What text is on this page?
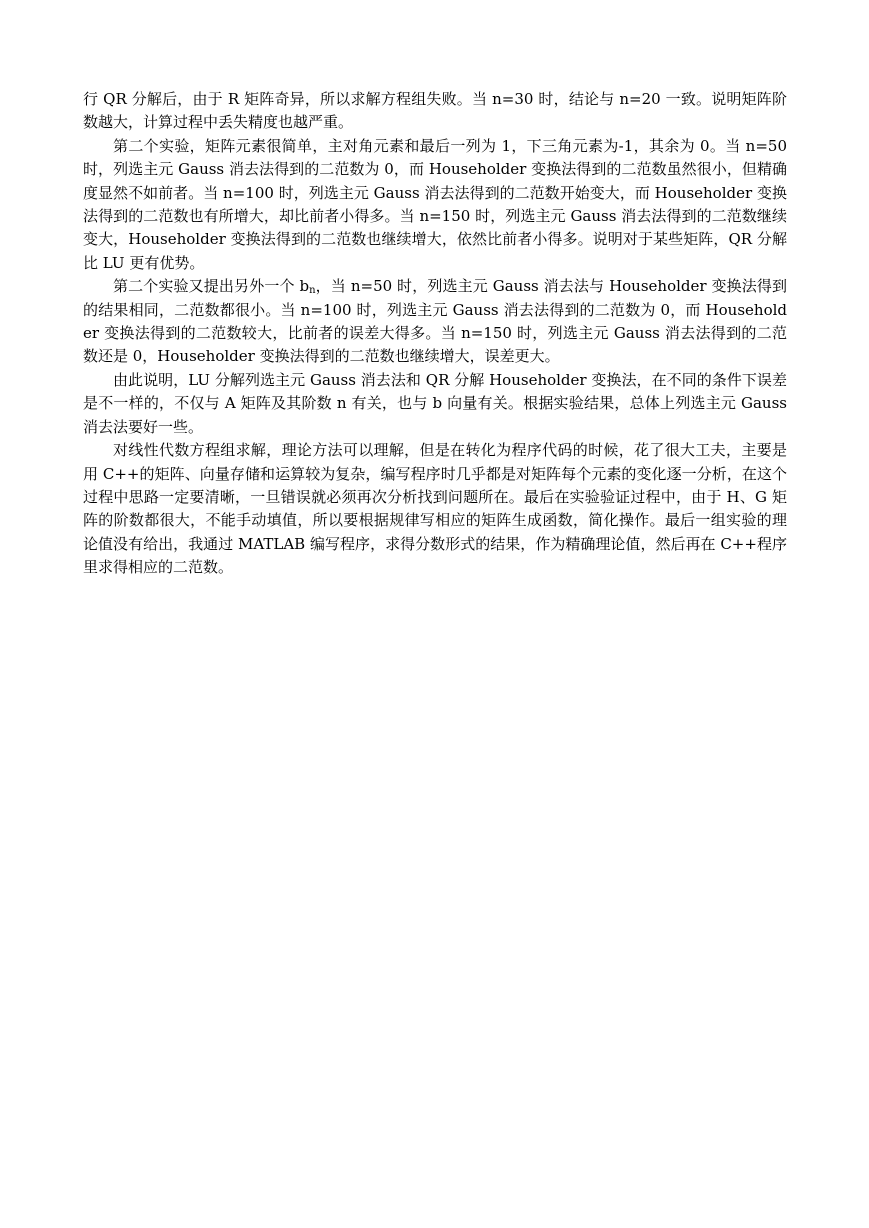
行 QR 分解后，由于 R 矩阵奇异，所以求解方程组失败。当 n=30 时，结论与 n=20 一致。说明矩阵阶数越大，计算过程中丢失精度也越严重。

第二个实验，矩阵元素很简单，主对角元素和最后一列为 1，下三角元素为-1，其余为 0。当 n=50 时，列选主元 Gauss 消去法得到的二范数为 0，而 Householder 变换法得到的二范数虽然很小，但精确度显然不如前者。当 n=100 时，列选主元 Gauss 消去法得到的二范数开始变大，而 Householder 变换法得到的二范数也有所增大，却比前者小得多。当 n=150 时，列选主元 Gauss 消去法得到的二范数继续变大，Householder 变换法得到的二范数也继续增大，依然比前者小得多。说明对于某些矩阵，QR 分解比 LU 更有优势。

第二个实验又提出另外一个 $b_n$，当 n=50 时，列选主元 Gauss 消去法与 Householder 变换法得到的结果相同，二范数都很小。当 n=100 时，列选主元 Gauss 消去法得到的二范数为 0，而 Householder 变换法得到的二范数较大，比前者的误差大得多。当 n=150 时，列选主元 Gauss 消去法得到的二范数还是 0，Householder 变换法得到的二范数也继续增大，误差更大。

由此说明，LU 分解列选主元 Gauss 消去法和 QR 分解 Householder 变换法，在不同的条件下误差是不一样的，不仅与 A 矩阵及其阶数 n 有关，也与 b 向量有关。根据实验结果，总体上列选主元 Gauss 消去法要好一些。

对线性代数方程组求解，理论方法可以理解，但是在转化为程序代码的时候，花了很大工夫，主要是用 C++的矩阵、向量存储和运算较为复杂，编写程序时几乎都是对矩阵每个元素的变化逐一分析，在这个过程中思路一定要清晰，一旦错误就必须再次分析找到问题所在。最后在实验验证过程中，由于 H、G 矩阵的阶数都很大，不能手动填值，所以要根据规律写相应的矩阵生成函数，简化操作。最后一组实验的理论值没有给出，我通过 MATLAB 编写程序，求得分数形式的结果，作为精确理论值，然后再在 C++程序里求得相应的二范数。
